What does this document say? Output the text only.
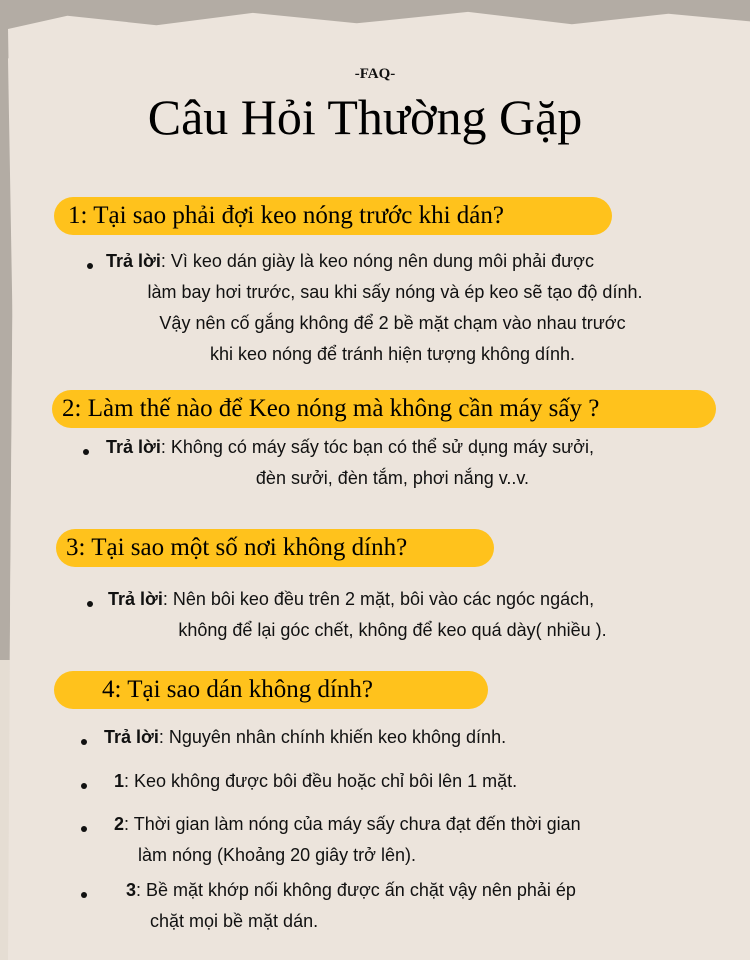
-FAQ-
Câu Hỏi Thường Gặp
1: Tại sao phải đợi keo nóng trước khi dán?
Trả lời: Vì keo dán giày là keo nóng nên dung môi phải được
làm bay hơi trước, sau khi sấy nóng và ép keo sẽ tạo độ dính.
Vậy nên cố gắng không để 2 bề mặt chạm vào nhau trước
khi keo nóng để tránh hiện tượng không dính.
2: Làm thế nào để Keo nóng mà không cần máy sấy ?
Trả lời: Không có máy sấy tóc bạn có thể sử dụng máy sưởi,
đèn sưởi, đèn tắm, phơi nắng v..v.
3: Tại sao một số nơi không dính?
Trả lời: Nên bôi keo đều trên 2 mặt, bôi vào các ngóc ngách,
không để lại góc chết, không để keo quá dày( nhiều ).
4: Tại sao dán không dính?
Trả lời: Nguyên nhân chính khiến keo không dính.
1: Keo không được bôi đều hoặc chỉ bôi lên 1 mặt.
2: Thời gian làm nóng của máy sấy chưa đạt đến thời gian
làm nóng (Khoảng 20 giây trở lên).
3: Bề mặt khớp nối không được ấn chặt vậy nên phải ép
chặt mọi bề mặt dán.
